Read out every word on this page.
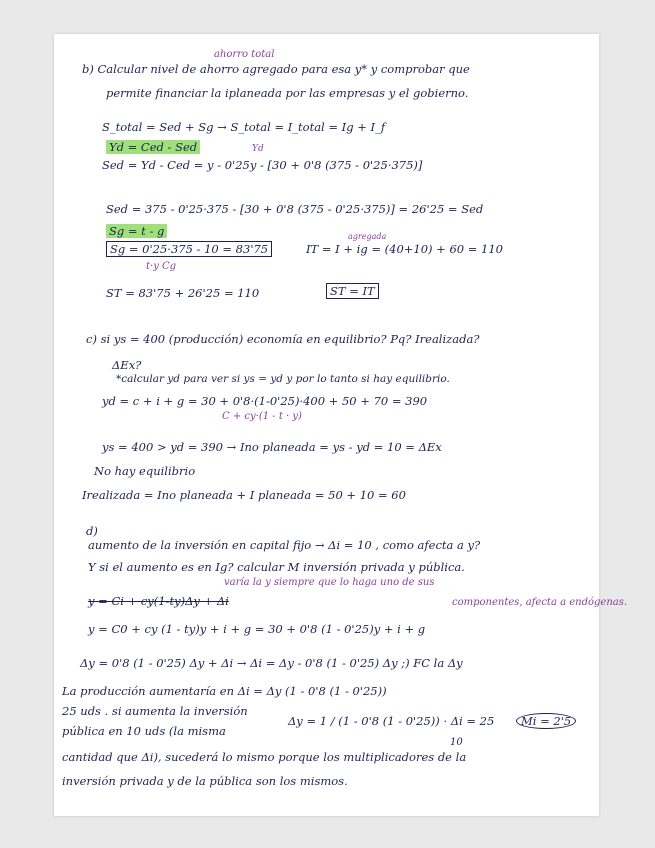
ahorro total
b) Calcular nivel de ahorro agregado para esa y* y comprobar que
permite financiar la iplaneada por las empresas y el gobierno.
S_total = Sed + Sg → S_total = I_total = Ig + I_f
Yd
Yd = Ced - Sed
Sed = Yd - Ced = y - 0'25y - [30 + 0'8 (375 - 0'25·375)]
Sed = 375 - 0'25·375 - [30 + 0'8 (375 - 0'25·375)] = 26'25 = Sed
Sg = t - g
Sg = 0'25·375 - 10 = 83'75
t·y Cg
agregada
IT = I + ig = (40+10) + 60 = 110
ST = 83'75 + 26'25 = 110	ST = IT
c) si ys = 400 (producción) economía en equilibrio? Pq? Irealizada?
ΔEx?
*calcular yd para ver si ys = yd y por lo tanto si hay equilibrio.
yd = c + i + g = 30 + 0'8·(1-0'25)·400 + 50 + 70 = 390
C + cy·(1 - t · y)
ys = 400 > yd = 390 → Ino planeada = ys - yd = 10 = ΔEx
No hay equilibrio
Irealizada = Ino planeada + I planeada = 50 + 10 = 60
d)
aumento de la inversión en capital fijo → Δi = 10 , como afecta a y?
Y si el aumento es en Ig? calcular M inversión privada y pública.
varía la y siempre que lo haga uno de sus
y = Ci + cy(1-ty)Δy + Δi	componentes, afecta a endógenas.
y = C0 + cy (1 - ty)y + i + g = 30 + 0'8 (1 - 0'25)y + i + g
Δy = 0'8 (1 - 0'25) Δy + Δi → Δi = Δy - 0'8 (1 - 0'25) Δy ;) FC la Δy
La producción aumentaría en Δi = Δy (1 - 0'8 (1 - 0'25))
25 uds . si aumenta la inversión
pública en 10 uds (la misma
Δy = 1 / (1 - 0'8 (1 - 0'25)) · Δi = 25	Mi = 2'5
10
cantidad que Δi), sucederá lo mismo porque los multiplicadores de la
inversión privada y de la pública son los mismos.
